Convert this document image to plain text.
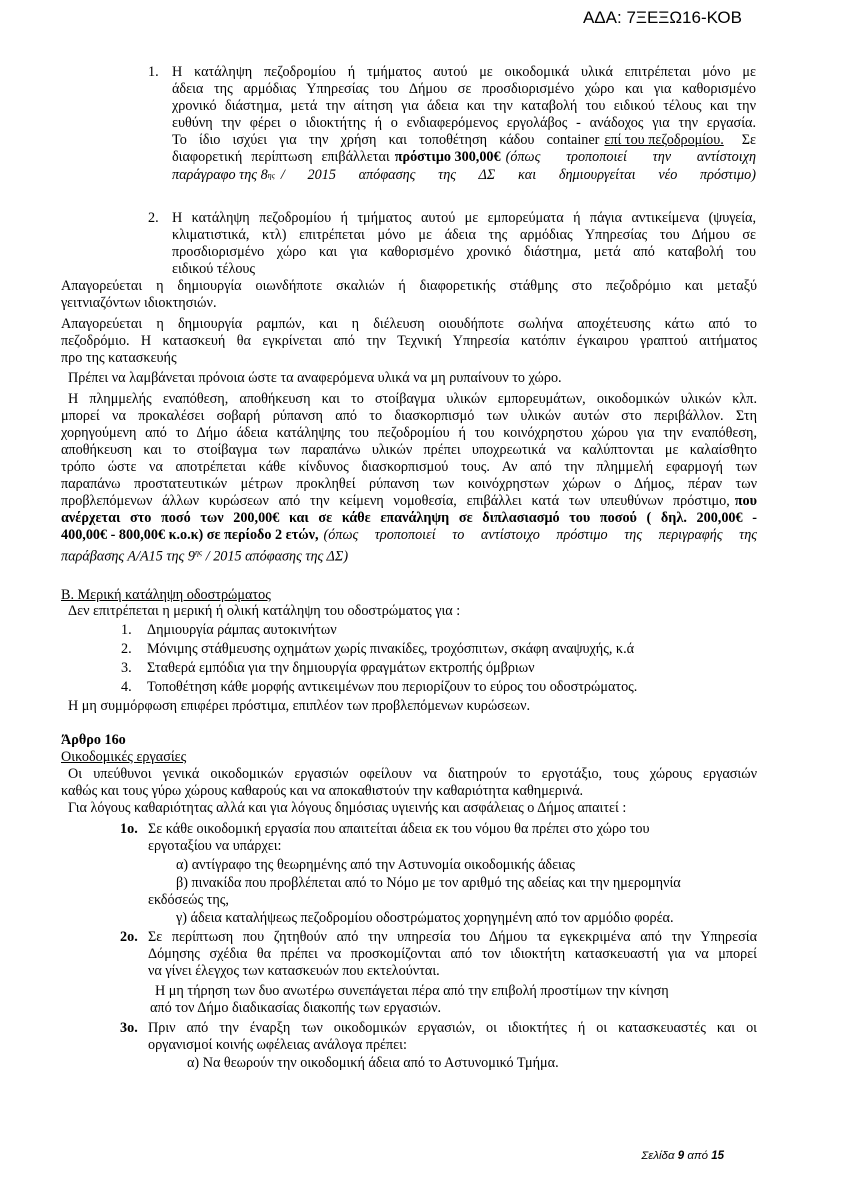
ΑΔΑ: 7ΞΕΞΩ16-ΚΟΒ
1. Η κατάληψη πεζοδρομίου ή τμήματος αυτού με οικοδομικά υλικά επιτρέπεται μόνο με
άδεια της αρμόδιας Υπηρεσίας του Δήμου σε προσδιορισμένο χώρο και για καθορισμένο
χρονικό διάστημα, μετά την αίτηση για άδεια και την καταβολή του ειδικού τέλους και την
ευθύνη την φέρει ο ιδιοκτήτης ή ο ενδιαφερόμενος εργολάβος - ανάδοχος για την εργασία.
Το ίδιο ισχύει για την χρήση και τοποθέτηση κάδου container επί του πεζοδρομίου.	Σε
διαφορετική περίπτωση επιβάλλεται πρόστιμο 300,00€ (όπως τροποποιεί την αντίστοιχη
παράγραφο της 8 ης / 2015 απόφασης της ΔΣ και δημιουργείται νέο πρόστιμο)
2. Η κατάληψη πεζοδρομίου ή τμήματος αυτού με εμπορεύματα ή πάγια αντικείμενα (ψυγεία,
κλιματιστικά, κτλ) επιτρέπεται μόνο με άδεια της αρμόδιας Υπηρεσίας του Δήμου σε
προσδιορισμένο χώρο και για καθορισμένο χρονικό διάστημα, μετά από καταβολή του
ειδικού τέλους
Απαγορεύεται η δημιουργία οιωνδήποτε σκαλιών ή διαφορετικής στάθμης στο πεζοδρόμιο και μεταξύ
γειτνιαζόντων ιδιοκτησιών.
Απαγορεύεται η δημιουργία ραμπών, και η διέλευση οιουδήποτε σωλήνα αποχέτευσης κάτω από το
πεζοδρόμιο. Η κατασκευή θα εγκρίνεται από την Τεχνική Υπηρεσία κατόπιν έγκαιρου γραπτού αιτήματος
προ της κατασκευής
Πρέπει να λαμβάνεται πρόνοια ώστε τα αναφερόμενα υλικά να μη ρυπαίνουν το χώρο.
Η πλημμελής εναπόθεση, αποθήκευση και το στοίβαγμα υλικών εμπορευμάτων, οικοδομικών υλικών κλπ.
μπορεί να προκαλέσει σοβαρή ρύπανση από το διασκορπισμό των υλικών αυτών στο περιβάλλον. Στη
χορηγούμενη από το Δήμο άδεια κατάληψης του πεζοδρομίου ή του κοινόχρηστου χώρου για την εναπόθεση,
αποθήκευση και το στοίβαγμα των παραπάνω υλικών πρέπει υποχρεωτικά να καλύπτονται με καλαίσθητο
τρόπο ώστε να αποτρέπεται κάθε κίνδυνος διασκορπισμού τους. Αν από την πλημμελή εφαρμογή των
παραπάνω προστατευτικών μέτρων προκληθεί ρύπανση των κοινόχρηστων χώρων ο Δήμος, πέραν των
προβλεπόμενων άλλων κυρώσεων από την κείμενη νομοθεσία, επιβάλλει κατά των υπευθύνων πρόστιμο, που
ανέρχεται στο ποσό των 200,00€ και σε κάθε επανάληψη σε διπλασιασμό του ποσού ( δηλ. 200,00€ -
400,00€ - 800,00€ κ.ο.κ) σε περίοδο 2 ετών, (όπως τροποποιεί το αντίστοιχο πρόστιμο της περιγραφής της
παράβασης Α/Α15 της $9^{\eta\varsigma} / 2015$ απόφασης της ΔΣ)
Β. Μερική κατάληψη οδοστρώματος
Δεν επιτρέπεται η μερική ή ολική κατάληψη του οδοστρώματος για :
1. Δημιουργία ράμπας αυτοκινήτων
2. Μόνιμης στάθμευσης οχημάτων χωρίς πινακίδες, τροχόσπιτων, σκάφη αναψυχής, κ.ά
3. Σταθερά εμπόδια για την δημιουργία φραγμάτων εκτροπής όμβριων
4. Τοποθέτηση κάθε μορφής αντικειμένων που περιορίζουν το εύρος του οδοστρώματος.
Η μη συμμόρφωση επιφέρει πρόστιμα, επιπλέον των προβλεπόμενων κυρώσεων.
Άρθρο 16ο
Οικοδομικές εργασίες
Οι υπεύθυνοι γενικά οικοδομικών εργασιών οφείλουν να διατηρούν το εργοτάξιο, τους χώρους εργασιών
καθώς και τους γύρω χώρους καθαρούς και να αποκαθιστούν την καθαριότητα καθημερινά.
Για λόγους καθαριότητας αλλά και για λόγους δημόσιας υγιεινής και ασφάλειας ο Δήμος απαιτεί :
1ο. Σε κάθε οικοδομική εργασία που απαιτείται άδεια εκ του νόμου θα πρέπει στο χώρο του
εργοταξίου να υπάρχει:
α) αντίγραφο της θεωρημένης από την Αστυνομία οικοδομικής άδειας
β) πινακίδα που προβλέπεται από το Νόμο με τον αριθμό της αδείας και την ημερομηνία
εκδόσεώς της,
γ) άδεια καταλήψεως πεζοδρομίου οδοστρώματος χορηγημένη από τον αρμόδιο φορέα.
2ο. Σε περίπτωση που ζητηθούν από την υπηρεσία του Δήμου τα εγκεκριμένα από την Υπηρεσία
Δόμησης σχέδια θα πρέπει να προσκομίζονται από τον ιδιοκτήτη κατασκευαστή για να μπορεί
να γίνει έλεγχος των κατασκευών που εκτελούνται.
Η μη τήρηση των δυο ανωτέρω συνεπάγεται πέρα από την επιβολή προστίμων την κίνηση
από τον Δήμο διαδικασίας διακοπής των εργασιών.
3ο. Πριν από την έναρξη των οικοδομικών εργασιών, οι ιδιοκτήτες ή οι κατασκευαστές και οι
οργανισμοί κοινής ωφέλειας ανάλογα πρέπει:
α) Να θεωρούν την οικοδομική άδεια από το Αστυνομικό Τμήμα.
Σελίδα 9 από 15
